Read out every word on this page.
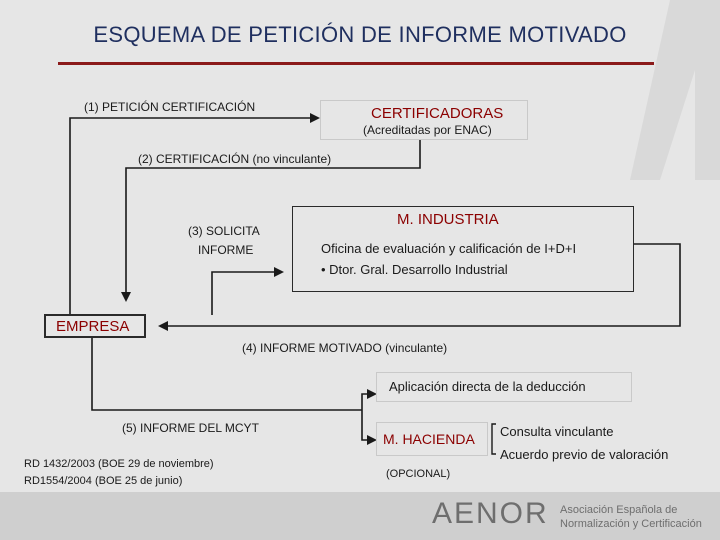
ESQUEMA DE PETICIÓN DE INFORME MOTIVADO
CERTIFICADORAS
(Acreditadas por ENAC)
M. INDUSTRIA
Oficina de evaluación y calificación de I+D+I
• Dtor. Gral. Desarrollo Industrial
EMPRESA
Aplicación directa de la deducción
M. HACIENDA
(OPCIONAL)
Consulta vinculante
Acuerdo previo de valoración
(1) PETICIÓN CERTIFICACIÓN
(2) CERTIFICACIÓN (no vinculante)
(3) SOLICITA
INFORME
(4) INFORME MOTIVADO (vinculante)
(5) INFORME DEL MCYT
RD 1432/2003 (BOE 29 de noviembre)
RD1554/2004 (BOE 25 de junio)
AENOR Asociación Española de
Normalización y Certificación
